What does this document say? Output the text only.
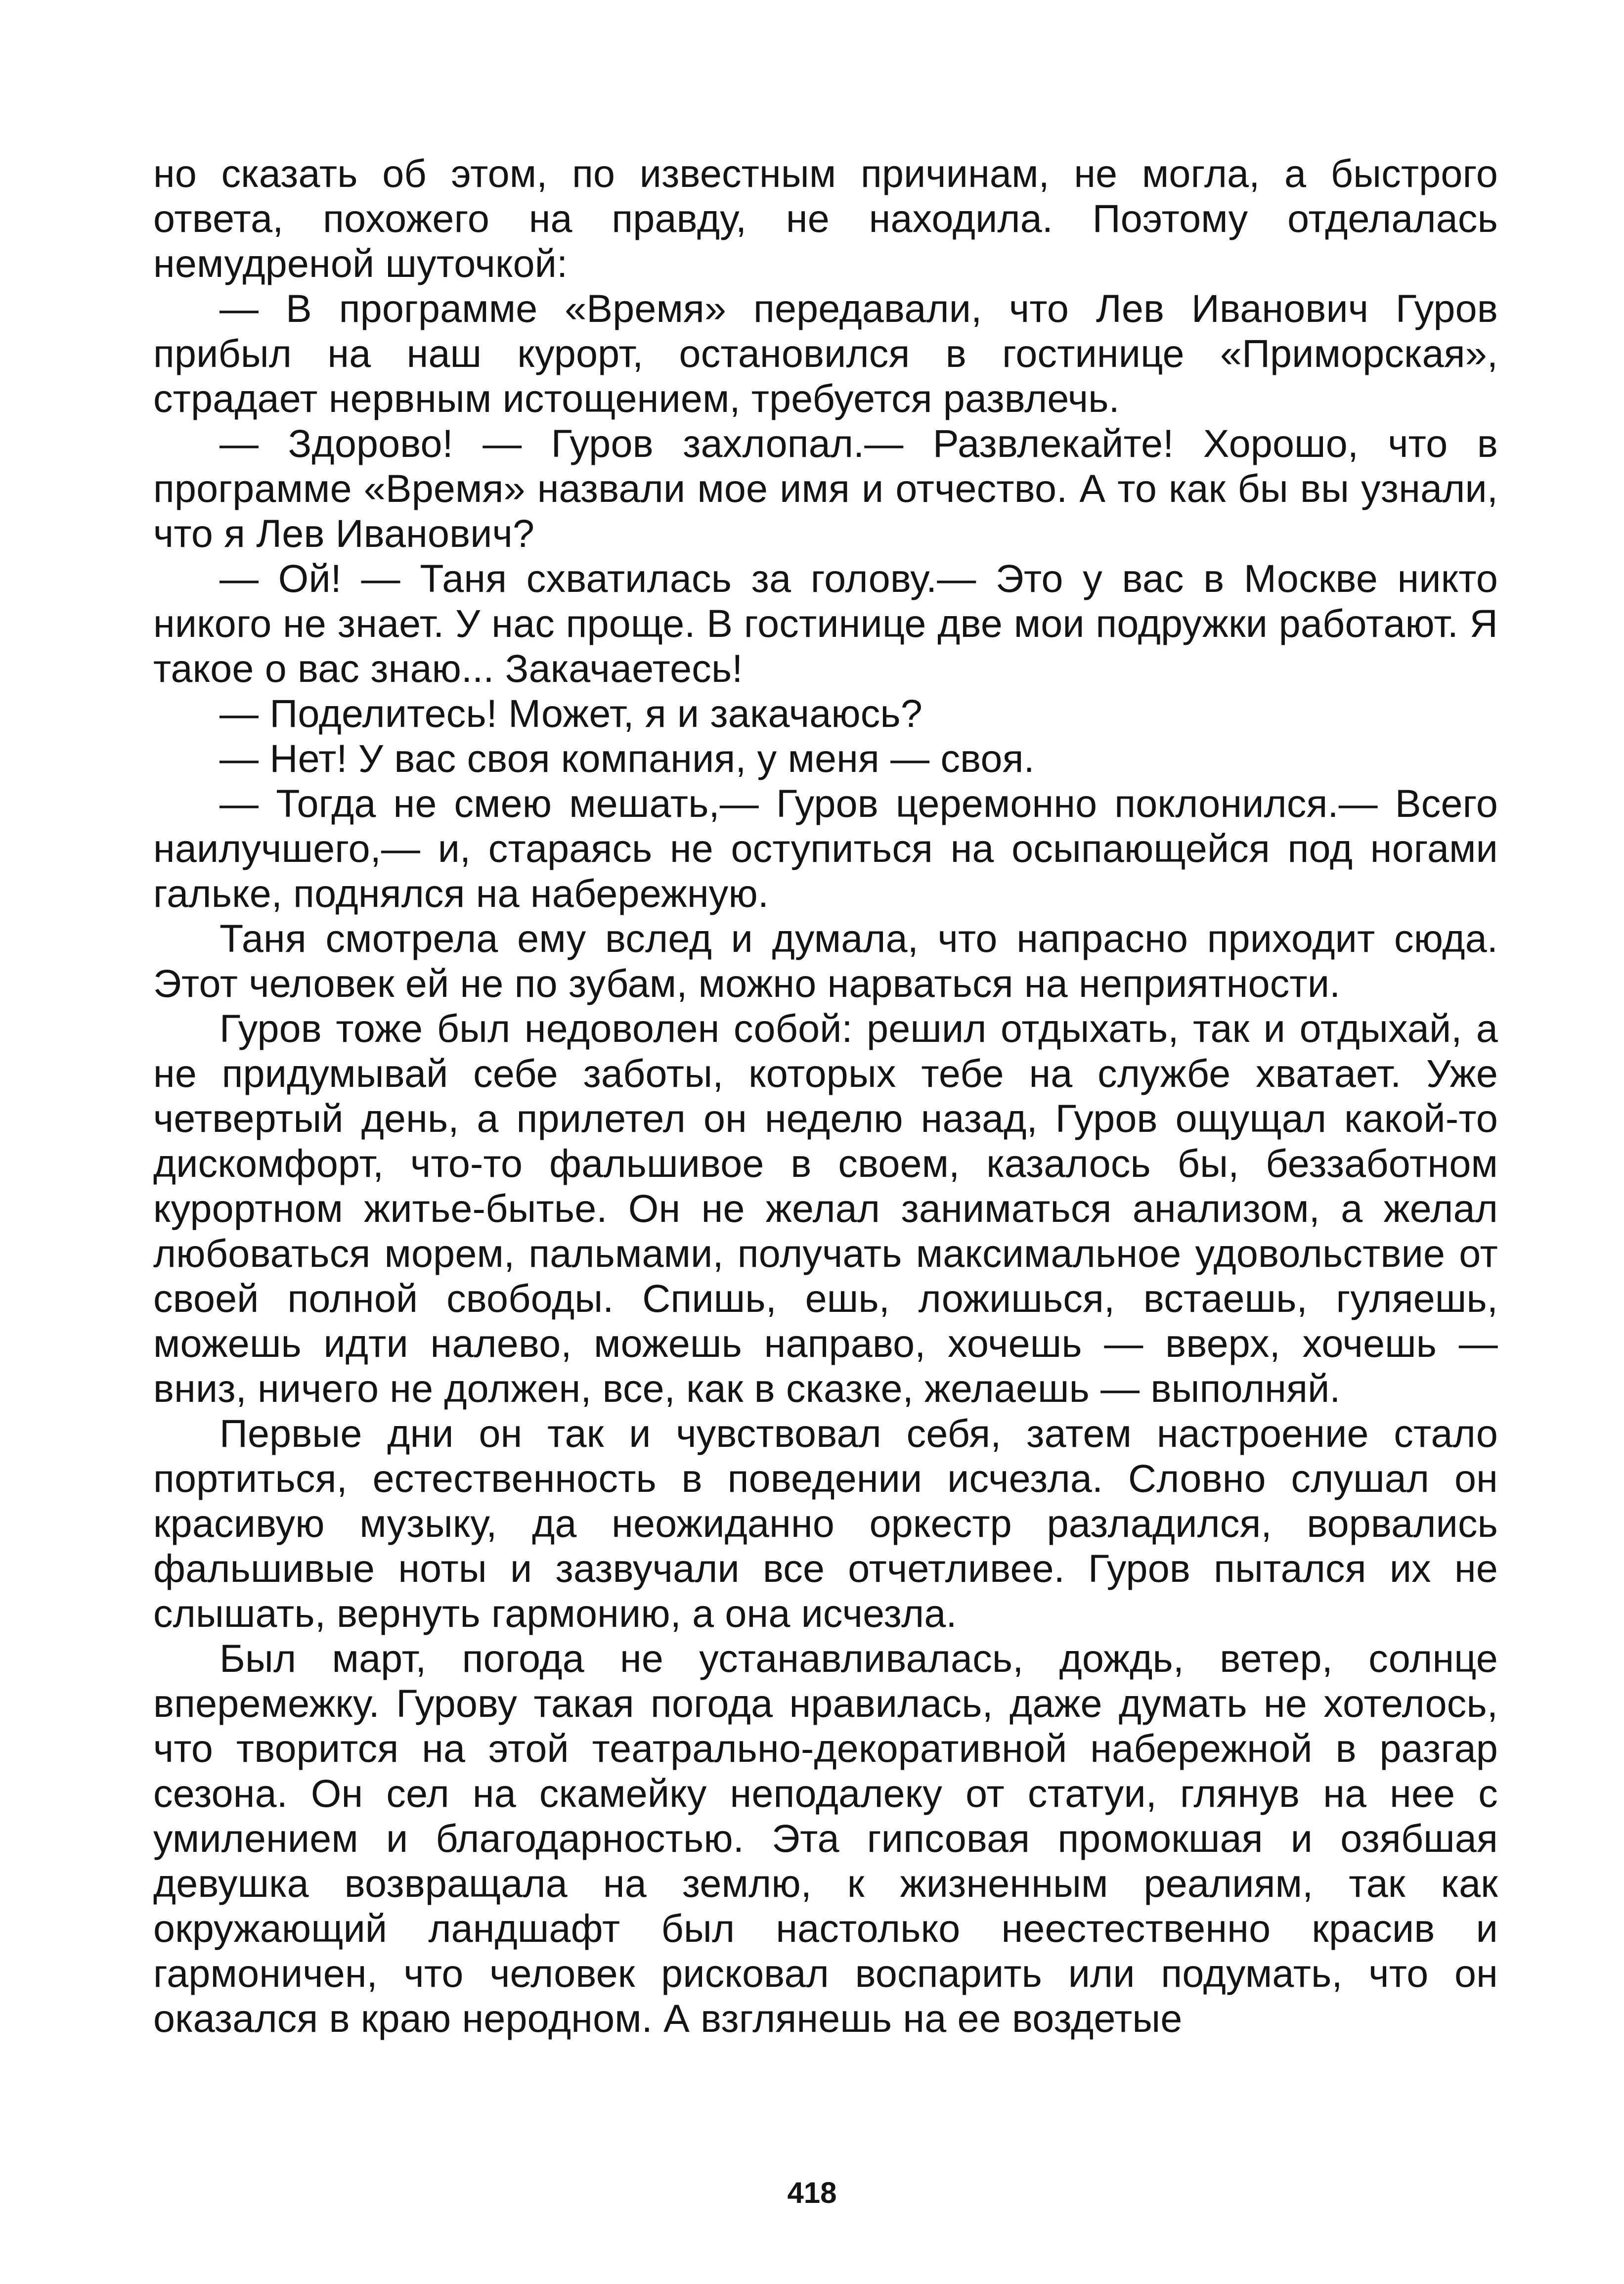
но сказать об этом, по известным причинам, не могла, а быстрого ответа, похожего на правду, не находила. Поэтому отделалась немудреной шуточкой:

— В программе «Время» передавали, что Лев Иванович Гуров прибыл на наш курорт, остановился в гостинице «Приморская», страдает нервным истощением, требуется развлечь.

— Здорово! — Гуров захлопал.— Развлекайте! Хорошо, что в программе «Время» назвали мое имя и отчество. А то как бы вы узнали, что я Лев Иванович?

— Ой! — Таня схватилась за голову.— Это у вас в Москве никто никого не знает. У нас проще. В гостинице две мои подружки работают. Я такое о вас знаю... Закачаетесь!

— Поделитесь! Может, я и закачаюсь?

— Нет! У вас своя компания, у меня — своя.

— Тогда не смею мешать,— Гуров церемонно поклонился.— Всего наилучшего,— и, стараясь не оступиться на осыпающейся под ногами гальке, поднялся на набережную.

Таня смотрела ему вслед и думала, что напрасно приходит сюда. Этот человек ей не по зубам, можно нарваться на неприятности.

Гуров тоже был недоволен собой: решил отдыхать, так и отдыхай, а не придумывай себе заботы, которых тебе на службе хватает. Уже четвертый день, а прилетел он неделю назад, Гуров ощущал какой-то дискомфорт, что-то фальшивое в своем, казалось бы, беззаботном курортном житье-бытье. Он не желал заниматься анализом, а желал любоваться морем, пальмами, получать максимальное удовольствие от своей полной свободы. Спишь, ешь, ложишься, встаешь, гуляешь, можешь идти налево, можешь направо, хочешь — вверх, хочешь — вниз, ничего не должен, все, как в сказке, желаешь — выполняй.

Первые дни он так и чувствовал себя, затем настроение стало портиться, естественность в поведении исчезла. Словно слушал он красивую музыку, да неожиданно оркестр разладился, ворвались фальшивые ноты и зазвучали все отчетливее. Гуров пытался их не слышать, вернуть гармонию, а она исчезла.

Был март, погода не устанавливалась, дождь, ветер, солнце вперемежку. Гурову такая погода нравилась, даже думать не хотелось, что творится на этой театрально-декоративной набережной в разгар сезона. Он сел на скамейку неподалеку от статуи, глянув на нее с умилением и благодарностью. Эта гипсовая промокшая и озябшая девушка возвращала на землю, к жизненным реалиям, так как окружающий ландшафт был настолько неестественно красив и гармоничен, что человек рисковал воспарить или подумать, что он оказался в краю неродном. А взглянешь на ее воздетые

418
